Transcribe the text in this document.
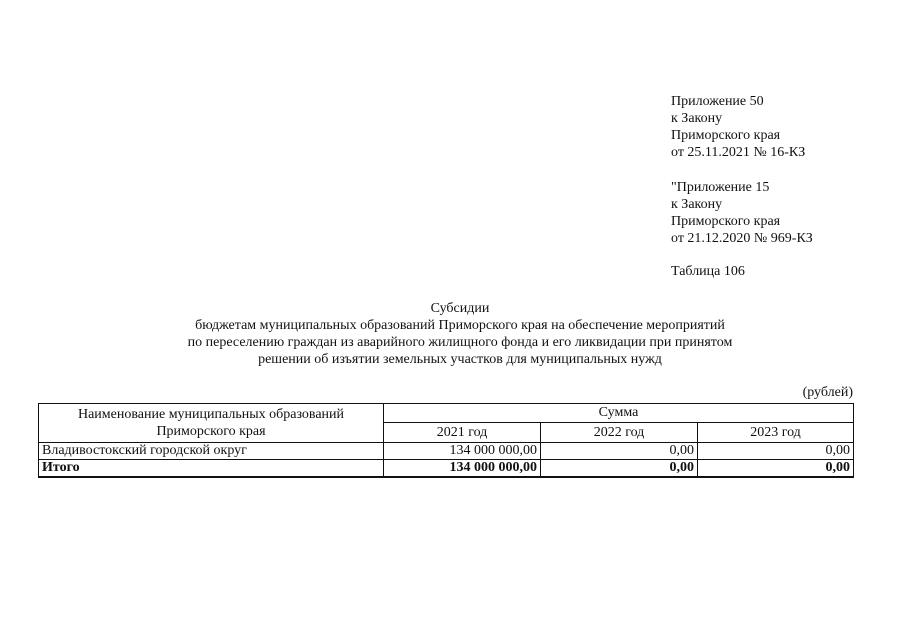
Приложение 50
к Закону
Приморского края
от 25.11.2021 № 16-КЗ
"Приложение 15
к Закону
Приморского края
от 21.12.2020 № 969-КЗ
Таблица 106
Субсидии
бюджетам муниципальных образований Приморского края на обеспечение мероприятий
по переселению граждан из аварийного жилищного фонда и его ликвидации при принятом
решении об изъятии земельных участков для муниципальных нужд
(рублей)
Наименование муниципальных образований Приморского края	Сумма		
	2021 год	2022 год	2023 год
Владивостокский городской округ	134 000 000,00	0,00	0,00
Итого	134 000 000,00	0,00	0,00
